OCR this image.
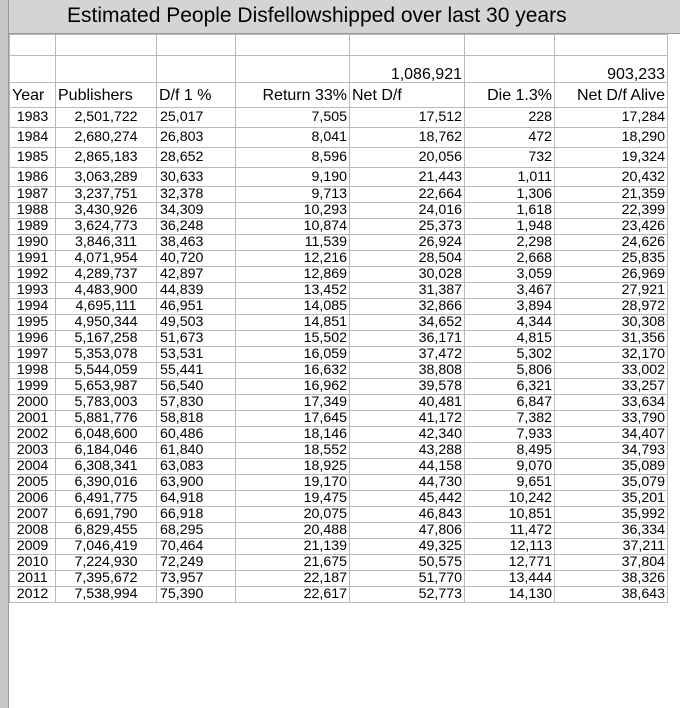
Estimated People Disfellowshipped over last 30 years

				1,086,921		903,233
Year	Publishers	D/f 1 %	Return 33%	Net D/f	Die 1.3%	Net D/f Alive
1983	2,501,722	25,017	7,505	17,512	228	17,284
1984	2,680,274	26,803	8,041	18,762	472	18,290
1985	2,865,183	28,652	8,596	20,056	732	19,324
1986	3,063,289	30,633	9,190	21,443	1,011	20,432
1987	3,237,751	32,378	9,713	22,664	1,306	21,359
1988	3,430,926	34,309	10,293	24,016	1,618	22,399
1989	3,624,773	36,248	10,874	25,373	1,948	23,426
1990	3,846,311	38,463	11,539	26,924	2,298	24,626
1991	4,071,954	40,720	12,216	28,504	2,668	25,835
1992	4,289,737	42,897	12,869	30,028	3,059	26,969
1993	4,483,900	44,839	13,452	31,387	3,467	27,921
1994	4,695,111	46,951	14,085	32,866	3,894	28,972
1995	4,950,344	49,503	14,851	34,652	4,344	30,308
1996	5,167,258	51,673	15,502	36,171	4,815	31,356
1997	5,353,078	53,531	16,059	37,472	5,302	32,170
1998	5,544,059	55,441	16,632	38,808	5,806	33,002
1999	5,653,987	56,540	16,962	39,578	6,321	33,257
2000	5,783,003	57,830	17,349	40,481	6,847	33,634
2001	5,881,776	58,818	17,645	41,172	7,382	33,790
2002	6,048,600	60,486	18,146	42,340	7,933	34,407
2003	6,184,046	61,840	18,552	43,288	8,495	34,793
2004	6,308,341	63,083	18,925	44,158	9,070	35,089
2005	6,390,016	63,900	19,170	44,730	9,651	35,079
2006	6,491,775	64,918	19,475	45,442	10,242	35,201
2007	6,691,790	66,918	20,075	46,843	10,851	35,992
2008	6,829,455	68,295	20,488	47,806	11,472	36,334
2009	7,046,419	70,464	21,139	49,325	12,113	37,211
2010	7,224,930	72,249	21,675	50,575	12,771	37,804
2011	7,395,672	73,957	22,187	51,770	13,444	38,326
2012	7,538,994	75,390	22,617	52,773	14,130	38,643
